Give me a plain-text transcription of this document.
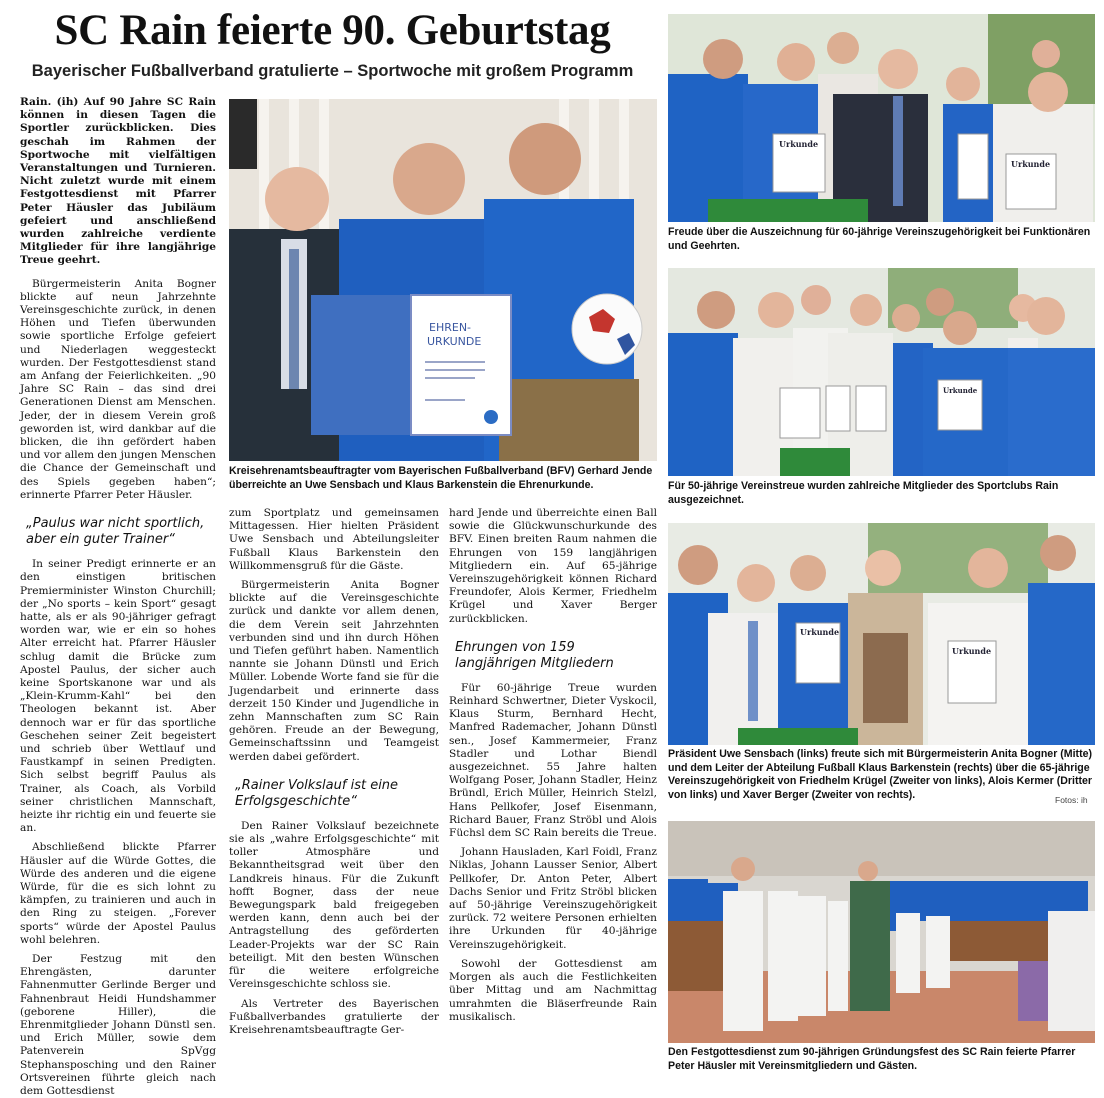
SC Rain feierte 90. Geburtstag
Bayerischer Fußballverband gratulierte – Sportwoche mit großem Programm

Rain. (ih) Auf 90 Jahre SC Rain können in diesen Tagen die Sportler zurückblicken. Dies geschah im Rahmen der Sportwoche mit vielfältigen Veranstaltungen und Turnieren. Nicht zuletzt wurde mit einem Festgottesdienst mit Pfarrer Peter Häusler das Jubiläum gefeiert und anschließend wurden zahlreiche verdiente Mitglieder für ihre langjährige Treue geehrt.

Bürgermeisterin Anita Bogner blickte auf neun Jahrzehnte Vereinsgeschichte zurück, in denen Höhen und Tiefen überwunden sowie sportliche Erfolge gefeiert und Niederlagen weggesteckt wurden. Der Festgottesdienst stand am Anfang der Feierlichkeiten. „90 Jahre SC Rain – das sind drei Generationen Dienst am Menschen. Jeder, der in diesem Verein groß geworden ist, wird dankbar auf die blicken, die ihn gefördert haben und vor allem den jungen Menschen die Chance der Gemeinschaft und des Spiels gegeben haben“; erinnerte Pfarrer Peter Häusler.

„Paulus war nicht sportlich, aber ein guter Trainer“

In seiner Predigt erinnerte er an den einstigen britischen Premierminister Winston Churchill; der „No sports – kein Sport“ gesagt hatte, als er als 90-jähriger gefragt worden war, wie er ein so hohes Alter erreicht hat. Pfarrer Häusler schlug damit die Brücke zum Apostel Paulus, der sicher auch keine Sportskanone war und als „Klein-Krumm-Kahl“ bei den Theologen bekannt ist. Aber dennoch war er für das sportliche Geschehen seiner Zeit begeistert und schrieb über Wettlauf und Faustkampf in seinen Predigten. Sich selbst begriff Paulus als Trainer, als Coach, als Vorbild seiner christlichen Mannschaft, heizte ihr richtig ein und feuerte sie an.

Abschließend blickte Pfarrer Häusler auf die Würde Gottes, die Würde des anderen und die eigene Würde, für die es sich lohnt zu kämpfen, zu trainieren und auch in den Ring zu steigen. „Forever sports“ würde der Apostel Paulus wohl belehren.

Der Festzug mit den Ehrengästen, darunter Fahnenmutter Gerlinde Berger und Fahnenbraut Heidi Hundshammer (geborene Hiller), die Ehrenmitglieder Johann Dünstl sen. und Erich Müller, sowie dem Patenverein SpVgg Stephansposching und den Rainer Ortsvereinen führte gleich nach dem Gottesdienst

EHREN-
URKUNDE
Kreisehrenamtsbeauftragter vom Bayerischen Fußballverband (BFV) Gerhard Jende überreichte an Uwe Sensbach und Klaus Barkenstein die Ehrenurkunde.

zum Sportplatz und gemeinsamen Mittagessen. Hier hielten Präsident Uwe Sensbach und Abteilungsleiter Fußball Klaus Barkenstein den Willkommensgruß für die Gäste.

Bürgermeisterin Anita Bogner blickte auf die Vereinsgeschichte zurück und dankte vor allem denen, die dem Verein seit Jahrzehnten verbunden sind und ihn durch Höhen und Tiefen geführt haben. Namentlich nannte sie Johann Dünstl und Erich Müller. Lobende Worte fand sie für die Jugendarbeit und erinnerte dass derzeit 150 Kinder und Jugendliche in zehn Mannschaften zum SC Rain gehören. Freude an der Bewegung, Gemeinschaftssinn und Teamgeist werden dabei gefördert.

„Rainer Volkslauf ist eine Erfolgsgeschichte“

Den Rainer Volkslauf bezeichnete sie als „wahre Erfolgsgeschichte“ mit toller Atmosphäre und Bekanntheitsgrad weit über den Landkreis hinaus. Für die Zukunft hofft Bogner, dass der neue Bewegungspark bald freigegeben werden kann, denn auch bei der Antragstellung des geförderten Leader-Projekts war der SC Rain beteiligt. Mit den besten Wünschen für die weitere erfolgreiche Vereinsgeschichte schloss sie.

Als Vertreter des Bayerischen Fußballverbandes gratulierte der Kreisehrenamtsbeauftragte Ger-

hard Jende und überreichte einen Ball sowie die Glückwunschurkunde des BFV. Einen breiten Raum nahmen die Ehrungen von 159 langjährigen Mitgliedern ein. Auf 65-jährige Vereinszugehörigkeit können Richard Freundofer, Alois Kermer, Friedhelm Krügel und Xaver Berger zurückblicken.

Ehrungen von 159 langjährigen Mitgliedern

Für 60-jährige Treue wurden Reinhard Schwertner, Dieter Vyskocil, Klaus Sturm, Bernhard Hecht, Manfred Rademacher, Johann Dünstl sen., Josef Kammermeier, Franz Stadler und Lothar Biendl ausgezeichnet. 55 Jahre halten Wolfgang Poser, Johann Stadler, Heinz Bründl, Erich Müller, Heinrich Stelzl, Hans Pellkofer, Josef Eisenmann, Richard Bauer, Franz Ströbl und Alois Füchsl dem SC Rain bereits die Treue.

Johann Hausladen, Karl Foidl, Franz Niklas, Johann Lausser Senior, Albert Pellkofer, Dr. Anton Peter, Albert Dachs Senior und Fritz Ströbl blicken auf 50-jährige Vereinszugehörigkeit zurück. 72 weitere Personen erhielten ihre Urkunden für 40-jährige Vereinszugehörigkeit.

Sowohl der Gottesdienst am Morgen als auch die Festlichkeiten über Mittag und am Nachmittag umrahmten die Bläserfreunde Rain musikalisch.

Urkunde
Urkunde
Freude über die Auszeichnung für 60-jährige Vereinszugehörigkeit bei Funktionären und Geehrten.
Urkunde
Für 50-jährige Vereinstreue wurden zahlreiche Mitglieder des Sportclubs Rain ausgezeichnet.
Urkunde
Urkunde
Präsident Uwe Sensbach (links) freute sich mit Bürgermeisterin Anita Bogner (Mitte) und dem Leiter der Abteilung Fußball Klaus Barkenstein (rechts) über die 65-jährige Vereinszugehörigkeit von Friedhelm Krügel (Zweiter von links), Alois Kermer (Dritter von links) und Xaver Berger (Zweiter von rechts).	Fotos: ih
Den Festgottesdienst zum 90-jährigen Gründungsfest des SC Rain feierte Pfarrer Peter Häusler mit Vereinsmitgliedern und Gästen.
